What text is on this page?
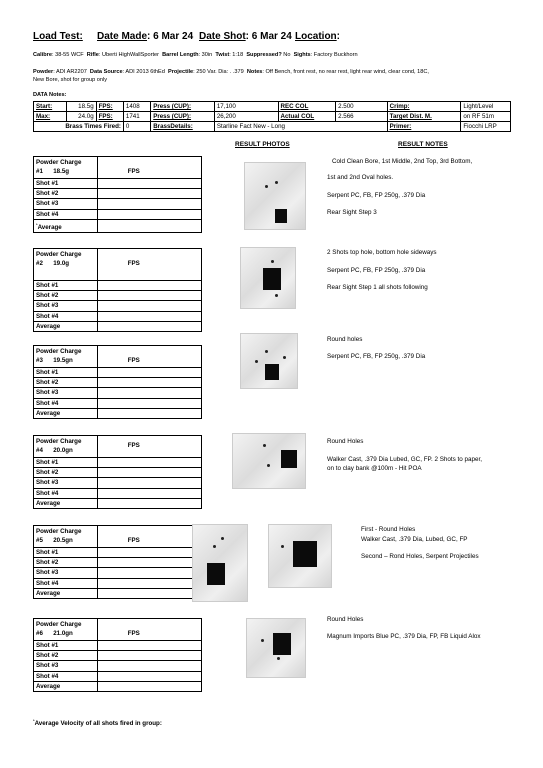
Load Test: Date Made: 6 Mar 24 Date Shot: 6 Mar 24 Location:
Calibre: 38-55 WCF Rifle: Uberti HighWallSporter Barrel Length: 30in Twist: 1:18 Suppressed? No Sights: Factory Buckhorn
Powder: ADI AR2207 Data Source: ADI 2013 6thEd Projectile: 250 Var. Dia: . .379 Notes: Off Bench, front rest, no rear rest, light rear wind, clear cond, 18C,
New Bore, shot for group only
DATA Notes:
Start:	18.5g	FPS:	1408	Press (CUP):	17,100	REC COL	2.500	Crimp:	Light/Level
Max:	24.0g	FPS:	1741	Press (CUP):	26,200	Actual COL	2.566	Target Dist. M.	on RF 51m
Brass Times Fired:			0	BrassDetails:	Starline Fact New - Long			Primer:	Fiocchi LRP
RESULT PHOTOS	RESULT NOTES
Powder Charge
#1 18.5g	FPS
Shot #1	
Shot #2	
Shot #3	
Shot #4	
*Average	
Cold Clean Bore, 1st Middle, 2nd Top, 3rd Bottom,
1st and 2nd Oval holes.
Serpent PC, FB, FP 250g, .379 Dia
Rear Sight Step 3
Powder Charge
#2 19.0g	FPS
Shot #1	
Shot #2	
Shot #3	
Shot #4	
Average	
2 Shots top hole, bottom hole sideways
Serpent PC, FB, FP 250g, .379 Dia
Rear Sight Step 1 all shots following
Powder Charge
#3 19.5gn	FPS
Shot #1	
Shot #2	
Shot #3	
Shot #4	
Average	
Round holes
Serpent PC, FB, FP 250g, .379 Dia
Powder Charge
#4 20.0gn	FPS
Shot #1	
Shot #2	
Shot #3	
Shot #4	
Average	
Round Holes
Walker Cast, .379 Dia Lubed, GC, FP. 2 Shots to paper,
on to clay bank @100m - Hit POA
Powder Charge
#5 20.5gn	FPS
Shot #1	
Shot #2	
Shot #3	
Shot #4	
Average	
First - Round Holes
Walker Cast, .379 Dia, Lubed, GC, FP
Second – Rond Holes, Serpent Projectiles
Powder Charge
#6 21.0gn	FPS
Shot #1	
Shot #2	
Shot #3	
Shot #4	
Average	
Round Holes
Magnum Imports Blue PC, .379 Dia, FP, FB Liquid Alox
*Average Velocity of all shots fired in group:
